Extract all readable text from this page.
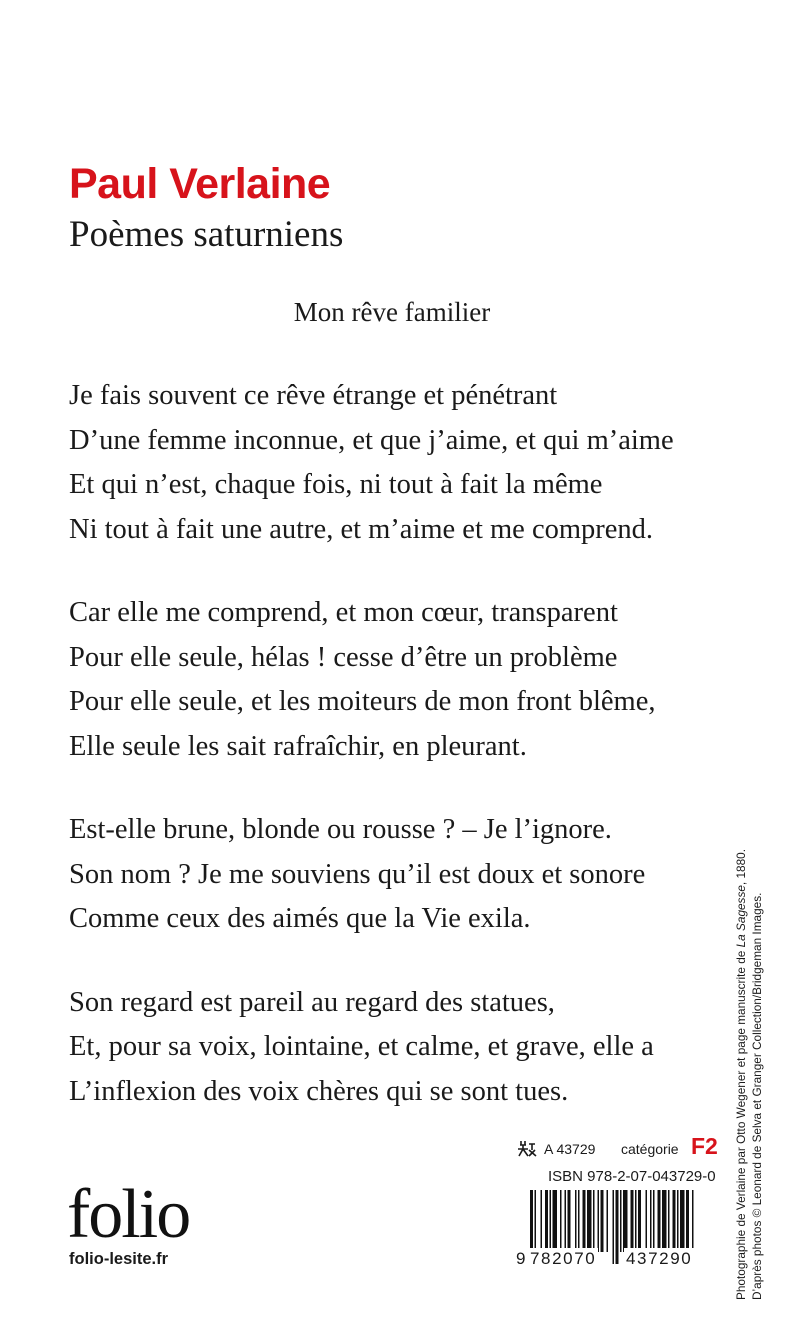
Paul Verlaine
Poèmes saturniens
Mon rêve familier
Je fais souvent ce rêve étrange et pénétrant
D’une femme inconnue, et que j’aime, et qui m’aime
Et qui n’est, chaque fois, ni tout à fait la même
Ni tout à fait une autre, et m’aime et me comprend.
Car elle me comprend, et mon cœur, transparent
Pour elle seule, hélas ! cesse d’être un problème
Pour elle seule, et les moiteurs de mon front blême,
Elle seule les sait rafraîchir, en pleurant.
Est-elle brune, blonde ou rousse ? – Je l’ignore.
Son nom ? Je me souviens qu’il est doux et sonore
Comme ceux des aimés que la Vie exila.
Son regard est pareil au regard des statues,
Et, pour sa voix, lointaine, et calme, et grave, elle a
L’inflexion des voix chères qui se sont tues.	Photographie de Verlaine par Otto Wegener et page manuscrite de La Sagesse, 1880.
D’après photos © Leonard de Selva et Granger Collection/Bridgeman Images.
A 43729 catégorie F2
ISBN 978-2-07-043729-0
9 782070 437290
folio
folio-lesite.fr
